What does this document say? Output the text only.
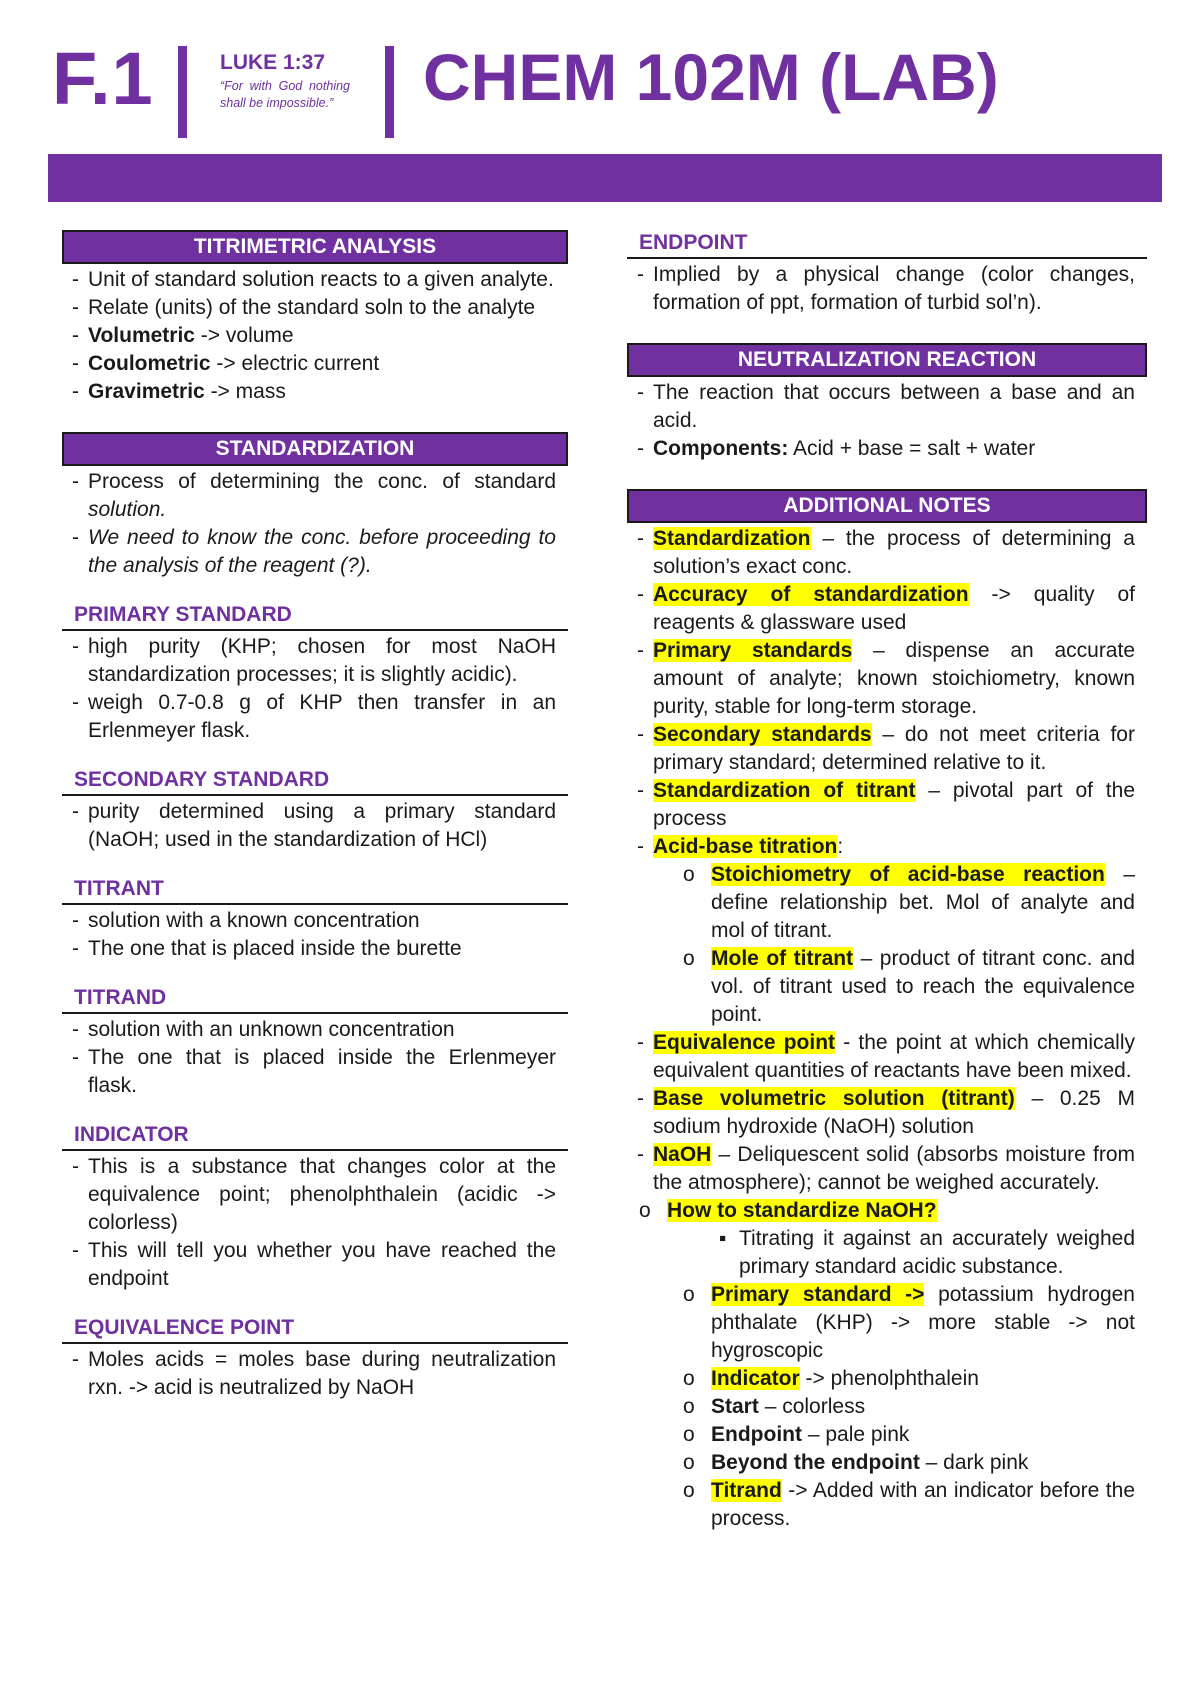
F.1	LUKE 1:37
“For with God nothing shall be impossible.” CHEM 102M (LAB)
TITRIMETRIC ANALYSIS
- Unit of standard solution reacts to a given analyte.
- Relate (units) of the standard soln to the analyte
- Volumetric -> volume
- Coulometric -> electric current
- Gravimetric -> mass
STANDARDIZATION
- Process of determining the conc. of standard solution.
- We need to know the conc. before proceeding to the analysis of the reagent (?).
PRIMARY STANDARD
- high purity (KHP; chosen for most NaOH standardization processes; it is slightly acidic).
- weigh 0.7-0.8 g of KHP then transfer in an Erlenmeyer flask.
SECONDARY STANDARD
- purity determined using a primary standard (NaOH; used in the standardization of HCl)
TITRANT
- solution with a known concentration
- The one that is placed inside the burette
TITRAND
- solution with an unknown concentration
- The one that is placed inside the Erlenmeyer flask.
INDICATOR
- This is a substance that changes color at the equivalence point; phenolphthalein (acidic -> colorless)
- This will tell you whether you have reached the endpoint
EQUIVALENCE POINT
- Moles acids = moles base during neutralization rxn. -> acid is neutralized by NaOH
ENDPOINT
- Implied by a physical change (color changes, formation of ppt, formation of turbid sol’n).
NEUTRALIZATION REACTION
- The reaction that occurs between a base and an acid.
- Components: Acid + base = salt + water
ADDITIONAL NOTES
- Standardization – the process of determining a solution’s exact conc.
- Accuracy of standardization -> quality of reagents & glassware used
- Primary standards – dispense an accurate amount of analyte; known stoichiometry, known purity, stable for long-term storage.
- Secondary standards – do not meet criteria for primary standard; determined relative to it.
- Standardization of titrant – pivotal part of the process
- Acid-base titration:
o Stoichiometry of acid-base reaction – define relationship bet. Mol of analyte and mol of titrant.
o Mole of titrant – product of titrant conc. and vol. of titrant used to reach the equivalence point.
- Equivalence point - the point at which chemically equivalent quantities of reactants have been mixed.
- Base volumetric solution (titrant) – 0.25 M sodium hydroxide (NaOH) solution
- NaOH – Deliquescent solid (absorbs moisture from the atmosphere); cannot be weighed accurately.
o How to standardize NaOH?
▪ Titrating it against an accurately weighed primary standard acidic substance.
o Primary standard -> potassium hydrogen phthalate (KHP) -> more stable -> not hygroscopic
o Indicator -> phenolphthalein
o Start – colorless
o Endpoint – pale pink
o Beyond the endpoint – dark pink
o Titrand -> Added with an indicator before the process.
